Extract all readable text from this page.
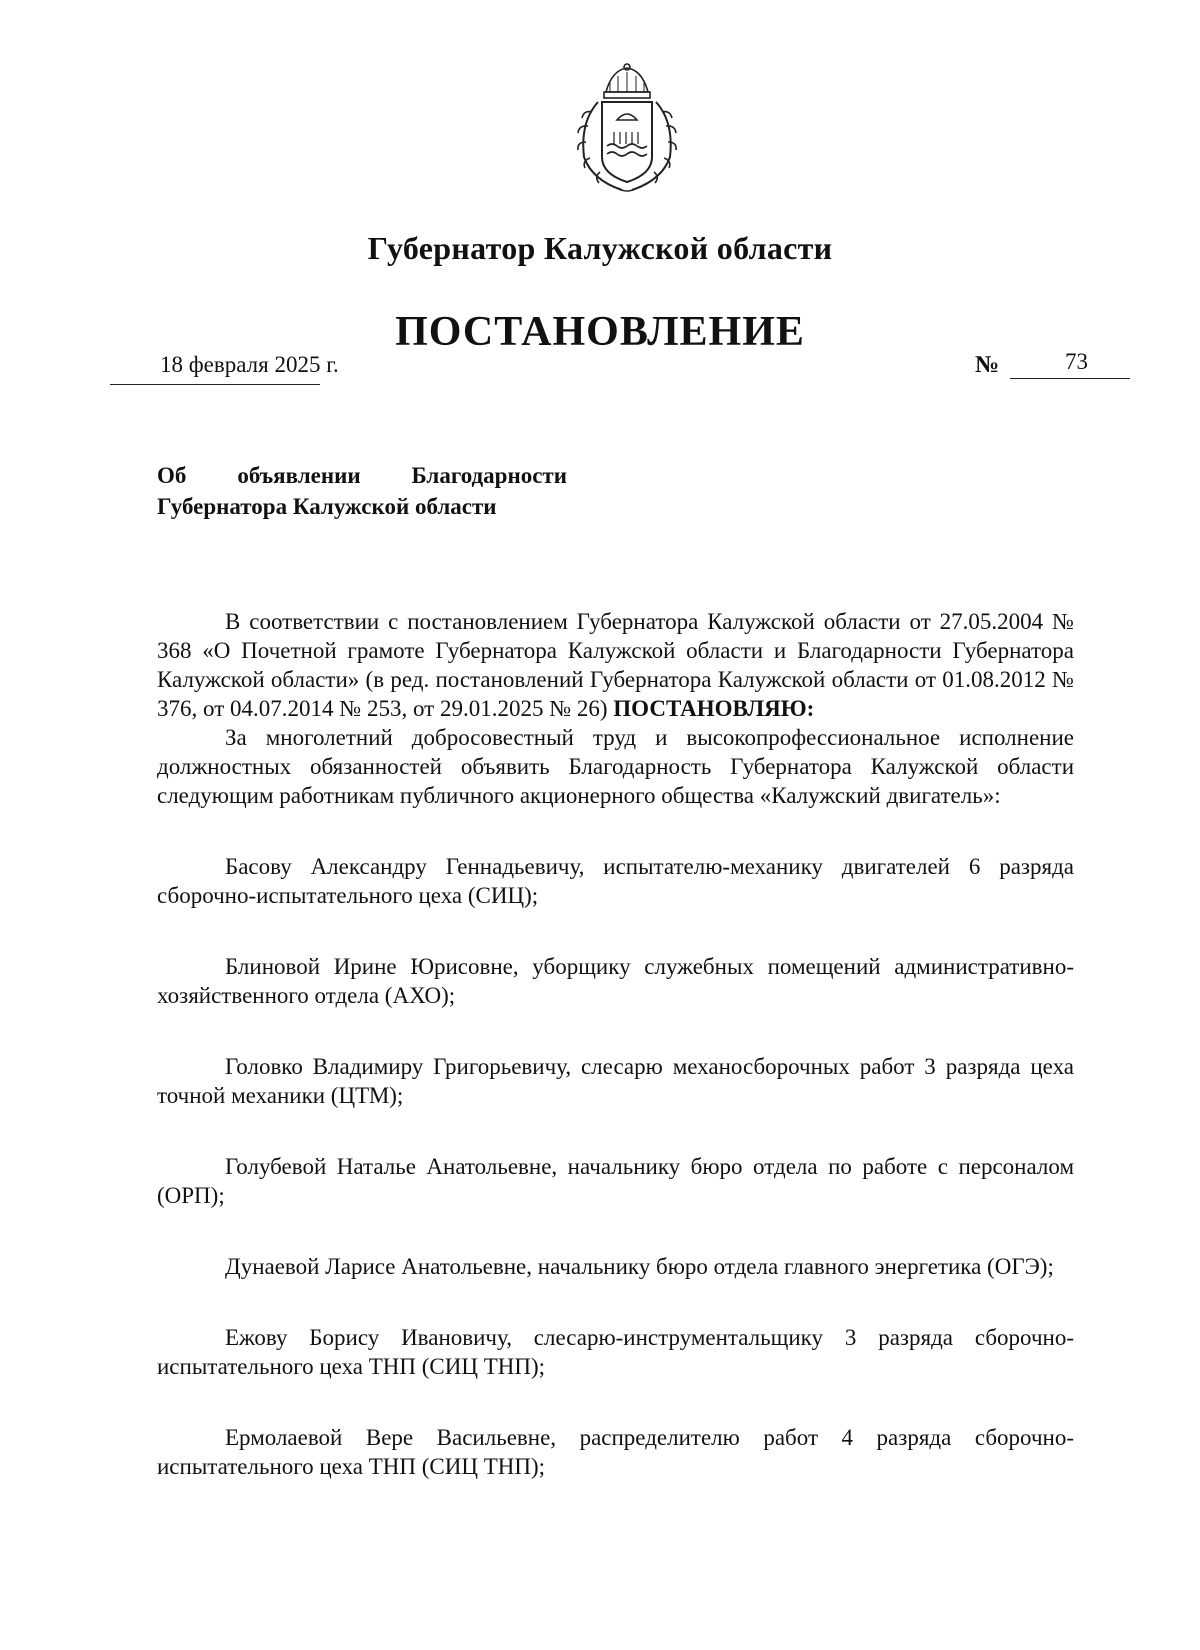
Губернатор Калужской области
ПОСТАНОВЛЕНИЕ
18 февраля 2025 г.	№	73
Об объявлении Благодарности
Губернатора Калужской области

В соответствии с постановлением Губернатора Калужской области от 27.05.2004 № 368 «О Почетной грамоте Губернатора Калужской области и Благодарности Губернатора Калужской области» (в ред. постановлений Губернатора Калужской области от 01.08.2012 № 376, от 04.07.2014 № 253, от 29.01.2025 № 26) ПОСТАНОВЛЯЮ:

За многолетний добросовестный труд и высокопрофессиональное исполнение должностных обязанностей объявить Благодарность Губернатора Калужской области следующим работникам публичного акционерного общества «Калужский двигатель»:

Басову Александру Геннадьевичу, испытателю-механику двигателей 6 разряда сборочно-испытательного цеха (СИЦ);

Блиновой Ирине Юрисовне, уборщику служебных помещений административно-хозяйственного отдела (АХО);

Головко Владимиру Григорьевичу, слесарю механосборочных работ 3 разряда цеха точной механики (ЦТМ);

Голубевой Наталье Анатольевне, начальнику бюро отдела по работе с персоналом (ОРП);

Дунаевой Ларисе Анатольевне, начальнику бюро отдела главного энергетика (ОГЭ);

Ежову Борису Ивановичу, слесарю-инструментальщику 3 разряда сборочно-испытательного цеха ТНП (СИЦ ТНП);

Ермолаевой Вере Васильевне, распределителю работ 4 разряда сборочно-испытательного цеха ТНП (СИЦ ТНП);
